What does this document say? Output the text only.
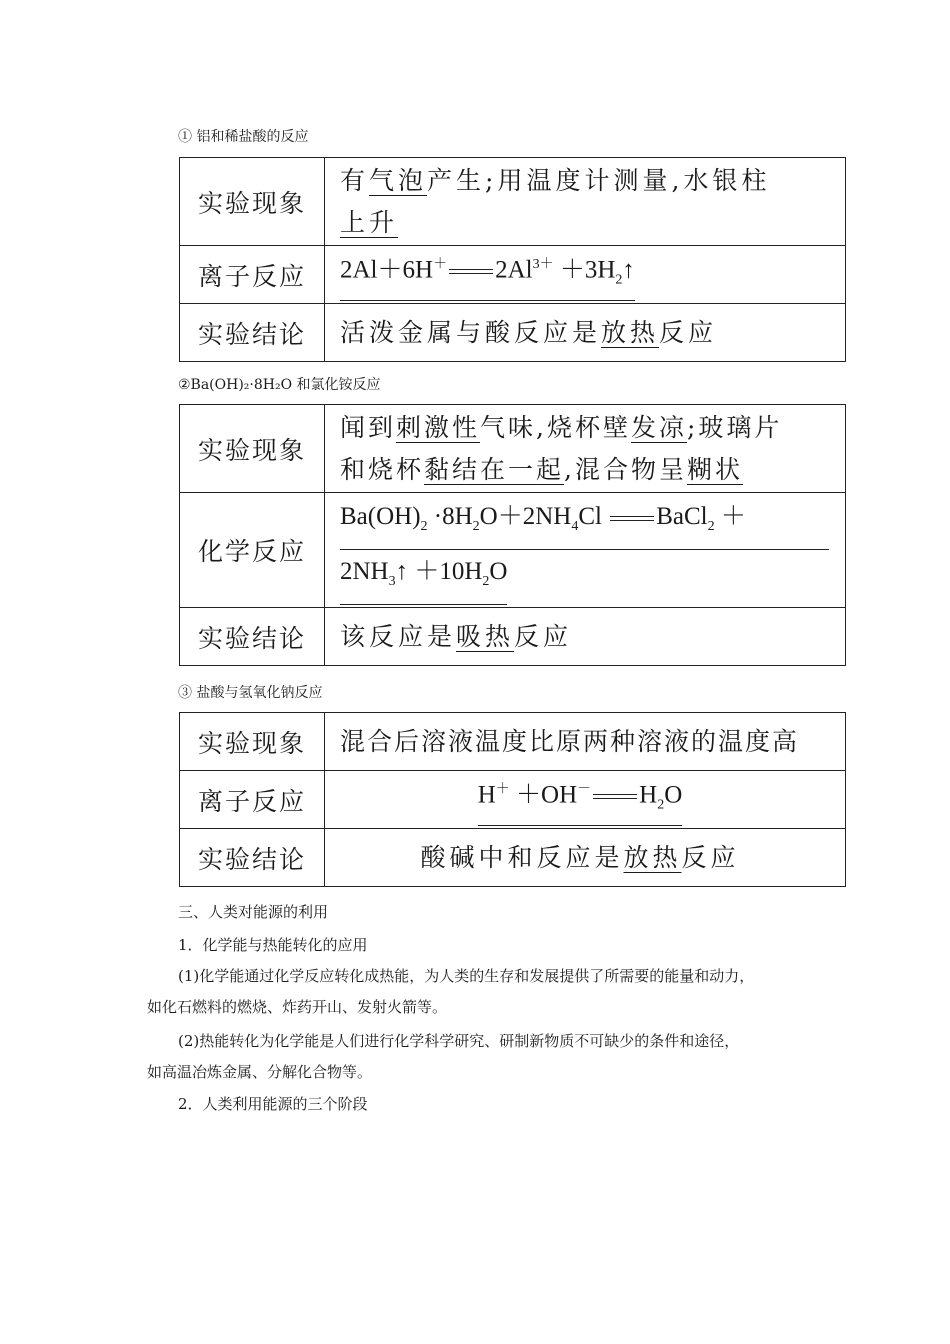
① 铝和稀盐酸的反应
实验现象	有气泡产生;用温度计测量,水银柱
上升
离子反应	2Al＋6H＋ $2Al^{3+}$ $+3H_2↑$
实验结论	活泼金属与酸反应是放热反应
②Ba(OH)₂·8H₂O 和氯化铵反应
实验现象	闻到刺激性气味,烧杯壁发凉;玻璃片
和烧杯黏结在一起,混合物呈糊状
化学反应	$Ba(OH)_2 \cdot 8H_2O+2NH_4Cl$ BaCl$_2$ ＋
$2NH_3↑ +10H_2O$
实验结论	该反应是吸热反应
③ 盐酸与氢氧化钠反应
实验现象	混合后溶液温度比原两种溶液的温度高
离子反应	H＋ ＋OH－ $H_2O$
实验结论	酸碱中和反应是放热反应
三、人类对能源的利用
1．化学能与热能转化的应用
(1)化学能通过化学反应转化成热能，为人类的生存和发展提供了所需要的能量和动力，
如化石燃料的燃烧、炸药开山、发射火箭等。
(2)热能转化为化学能是人们进行化学科学研究、研制新物质不可缺少的条件和途径，
如高温冶炼金属、分解化合物等。
2．人类利用能源的三个阶段
